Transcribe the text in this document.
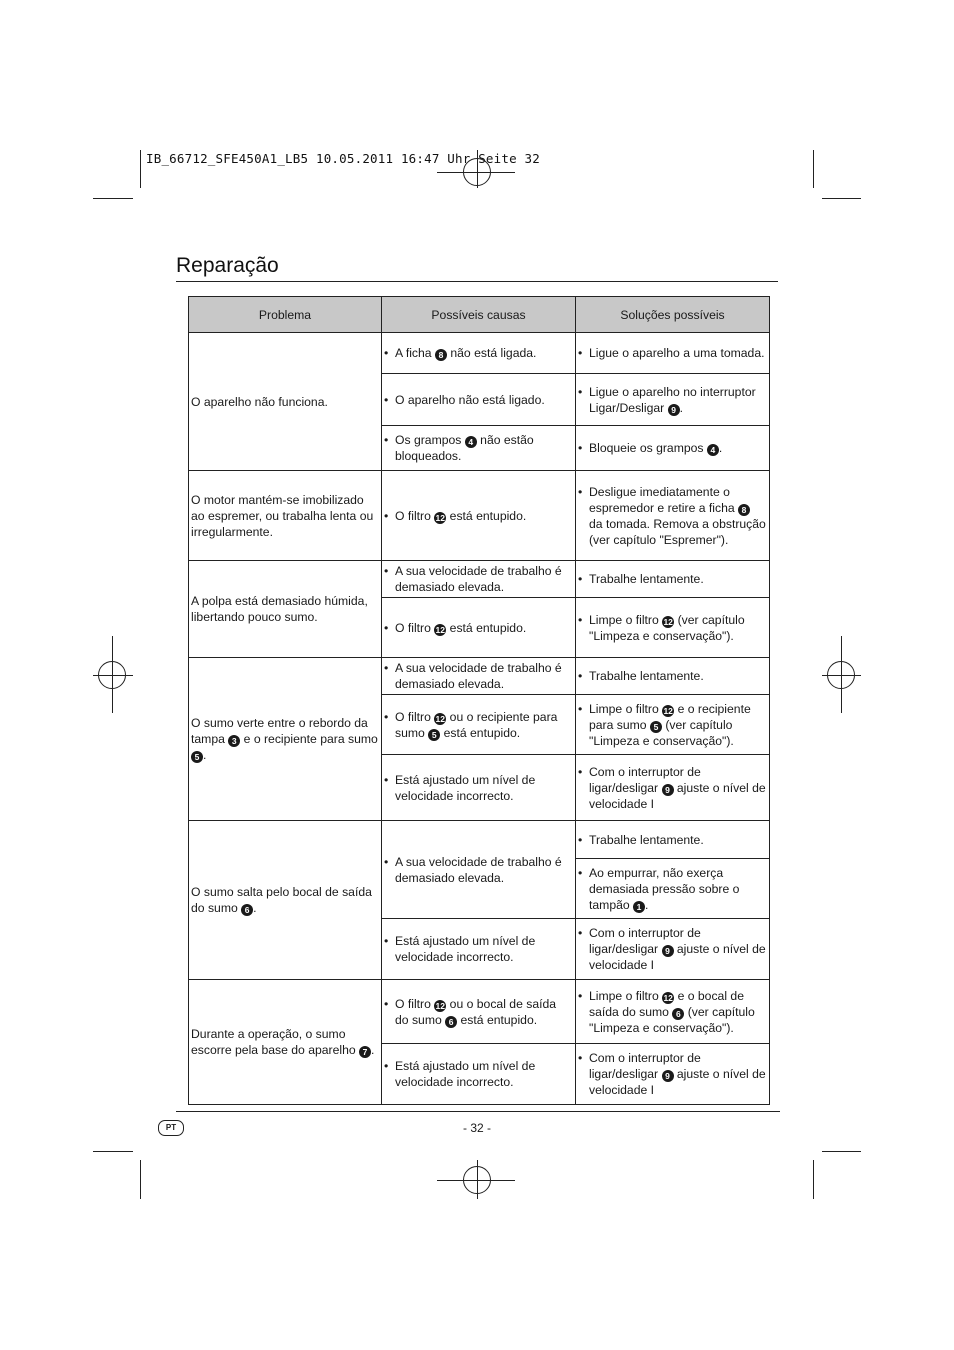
IB_66712_SFE450A1_LB5 10.05.2011 16:47 Uhr Seite 32
Reparação
Problema	Possíveis causas	Soluções possíveis
O aparelho não funciona.	• A ficha 8 não está ligada.	• Ligue o aparelho a uma tomada.

	• O aparelho não está ligado.	• Ligue o aparelho no interruptor Ligar/Desligar 9 .

	• Os grampos 4 não estão bloqueados.	• Bloqueie os grampos 4 .

O motor mantém-se imobilizado ao espremer, ou trabalha lenta ou irregularmente.	• O filtro 12 está entupido.	• Desligue imediatamente o espremedor e retire a ficha 8 da tomada. Remova a obstrução (ver capítulo "Espremer").

A polpa está demasiado húmida, libertando pouco sumo.	• A sua velocidade de trabalho é demasiado elevada.	• Trabalhe lentamente.

	• O filtro 12 está entupido.	• Limpe o filtro 12 (ver capítulo "Limpeza e conservação").

O sumo verte entre o rebordo da tampa 3 e o recipiente para sumo 5 .	• A sua velocidade de trabalho é demasiado elevada.	• Trabalhe lentamente.

	• O filtro 12 ou o recipiente para sumo 5 está entupido.	• Limpe o filtro 12 e o recipiente para sumo 5 (ver capítulo "Limpeza e conservação").

	• Está ajustado um nível de velocidade incorrecto.	• Com o interruptor de ligar/desligar 9 ajuste o nível de velocidade I

O sumo salta pelo bocal de saída do sumo 6 .	• A sua velocidade de trabalho é demasiado elevada.	• Trabalhe lentamente.

		• Ao empurrar, não exerça demasiada pressão sobre o tampão 1 .

	• Está ajustado um nível de velocidade incorrecto.	• Com o interruptor de ligar/desligar 9 ajuste o nível de velocidade I

Durante a operação, o sumo escorre pela base do aparelho 7 .	• O filtro 12 ou o bocal de saída do sumo 6 está entupido.	• Limpe o filtro 12 e o bocal de saída do sumo 6 (ver capítulo "Limpeza e conservação").

	• Está ajustado um nível de velocidade incorrecto.	• Com o interruptor de ligar/desligar 9 ajuste o nível de velocidade I
PT	- 32 -
